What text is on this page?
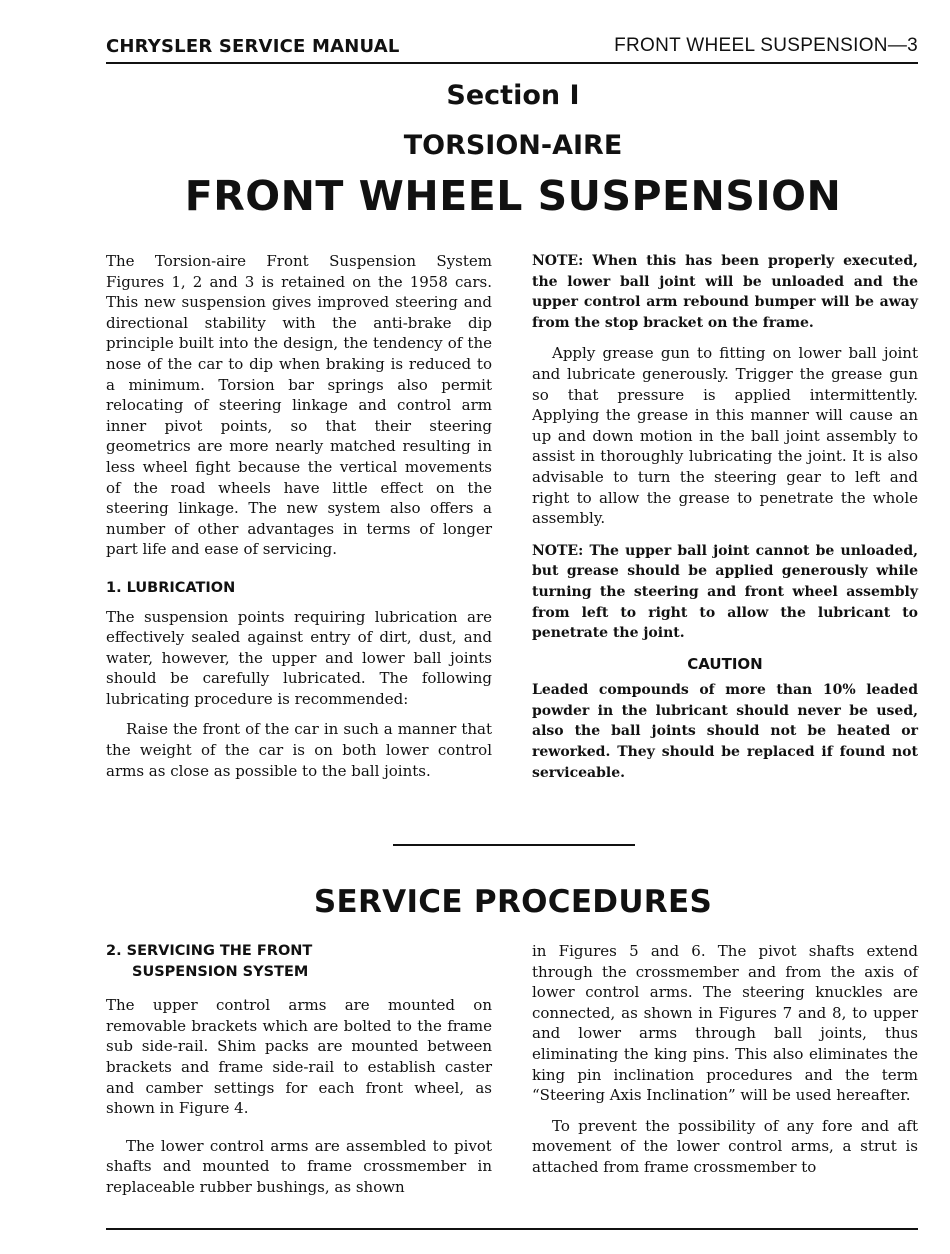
CHRYSLER SERVICE MANUAL	FRONT WHEEL SUSPENSION—3
Section I
TORSION-AIRE
FRONT WHEEL SUSPENSION

The Torsion-aire Front Suspension System Figures 1, 2 and 3 is retained on the 1958 cars. This new suspension gives improved steering and directional stability with the anti-brake dip principle built into the design, the tendency of the nose of the car to dip when braking is reduced to a minimum. Torsion bar springs also permit relocating of steering linkage and control arm inner pivot points, so that their steering geometrics are more nearly matched resulting in less wheel fight because the vertical movements of the road wheels have little effect on the steering linkage. The new system also offers a number of other advantages in terms of longer part life and ease of servicing.

1. LUBRICATION

The suspension points requiring lubrication are effectively sealed against entry of dirt, dust, and water, however, the upper and lower ball joints should be carefully lubricated. The following lubricating procedure is recommended:

Raise the front of the car in such a manner that the weight of the car is on both lower control arms as close as possible to the ball joints.

NOTE: When this has been properly executed, the lower ball joint will be unloaded and the upper control arm rebound bumper will be away from the stop bracket on the frame.

Apply grease gun to fitting on lower ball joint and lubricate generously. Trigger the grease gun so that pressure is applied intermittently. Applying the grease in this manner will cause an up and down motion in the ball joint assembly to assist in thoroughly lubricating the joint. It is also advisable to turn the steering gear to left and right to allow the grease to penetrate the whole assembly.

NOTE: The upper ball joint cannot be unloaded, but grease should be applied generously while turning the steering and front wheel assembly from left to right to allow the lubricant to penetrate the joint.

CAUTION

Leaded compounds of more than 10% leaded powder in the lubricant should never be used, also the ball joints should not be heated or reworked. They should be replaced if found not serviceable.

SERVICE PROCEDURES

2. SERVICING THE FRONT

SUSPENSION SYSTEM

The upper control arms are mounted on removable brackets which are bolted to the frame sub side-rail. Shim packs are mounted between brackets and frame side-rail to establish caster and camber settings for each front wheel, as shown in Figure 4.

The lower control arms are assembled to pivot shafts and mounted to frame crossmember in replaceable rubber bushings, as shown

in Figures 5 and 6. The pivot shafts extend through the crossmember and from the axis of lower control arms. The steering knuckles are connected, as shown in Figures 7 and 8, to upper and lower arms through ball joints, thus eliminating the king pins. This also eliminates the king pin inclination procedures and the term “Steering Axis Inclination” will be used hereafter.

To prevent the possibility of any fore and aft movement of the lower control arms, a strut is attached from frame crossmember to
